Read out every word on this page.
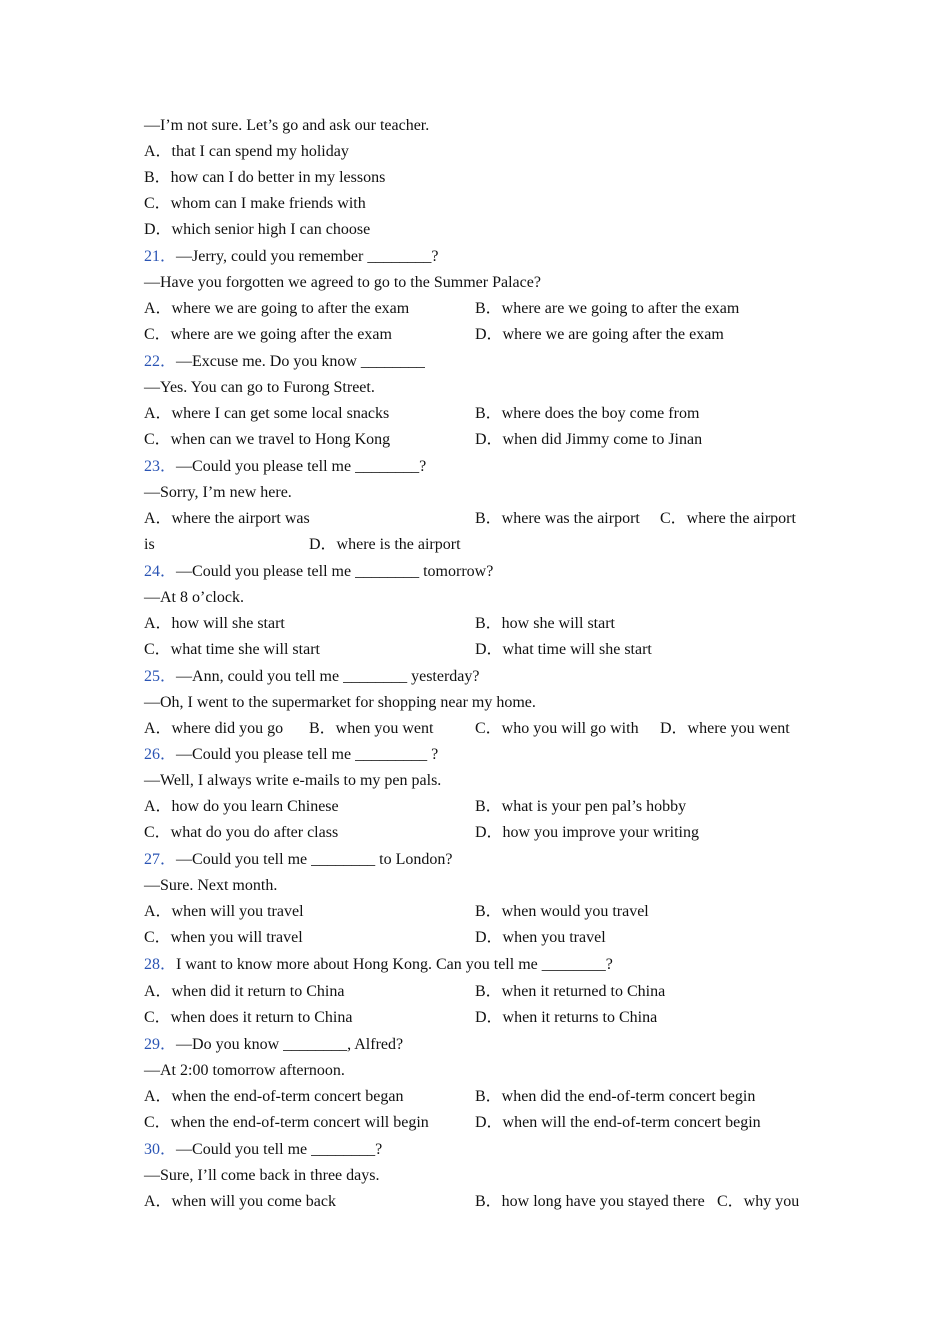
—I’m not sure. Let’s go and ask our teacher.
A．that I can spend my holiday
B．how can I do better in my lessons
C．whom can I make friends with
D．which senior high I can choose
21．—Jerry, could you remember ________?
—Have you forgotten we agreed to go to the Summer Palace?
A．where we are going to after the exam	B．where are we going to after the exam
C．where are we going after the exam	D．where we are going after the exam
22．—Excuse me. Do you know ________
—Yes. You can go to Furong Street.
A．where I can get some local snacks	B．where does the boy come from
C．when can we travel to Hong Kong	D．when did Jimmy come to Jinan
23．—Could you please tell me ________?
—Sorry, I’m new here.
A．where the airport was	B．where was the airport C．where the airport
is	D．where is the airport
24．—Could you please tell me ________ tomorrow?
—At 8 o’clock.
A．how will she start	B．how she will start
C．what time she will start	D．what time will she start
25．—Ann, could you tell me ________ yesterday?
—Oh, I went to the supermarket for shopping near my home.
A．where did you go B．when you went	C．who you will go with D．where you went
26．—Could you please tell me _________ ?
—Well, I always write e-mails to my pen pals.
A．how do you learn Chinese	B．what is your pen pal’s hobby
C．what do you do after class	D．how you improve your writing
27．—Could you tell me ________ to London?
—Sure. Next month.
A．when will you travel	B．when would you travel
C．when you will travel	D．when you travel
28．I want to know more about Hong Kong. Can you tell me ________?
A．when did it return to China	B．when it returned to China
C．when does it return to China	D．when it returns to China
29．—Do you know ________, Alfred?
—At 2:00 tomorrow afternoon.
A．when the end-of-term concert began	B．when did the end-of-term concert begin
C．when the end-of-term concert will begin	D．when will the end-of-term concert begin
30．—Could you tell me ________?
—Sure, I’ll come back in three days.
A．when will you come back	B．how long have you stayed there C．why you
